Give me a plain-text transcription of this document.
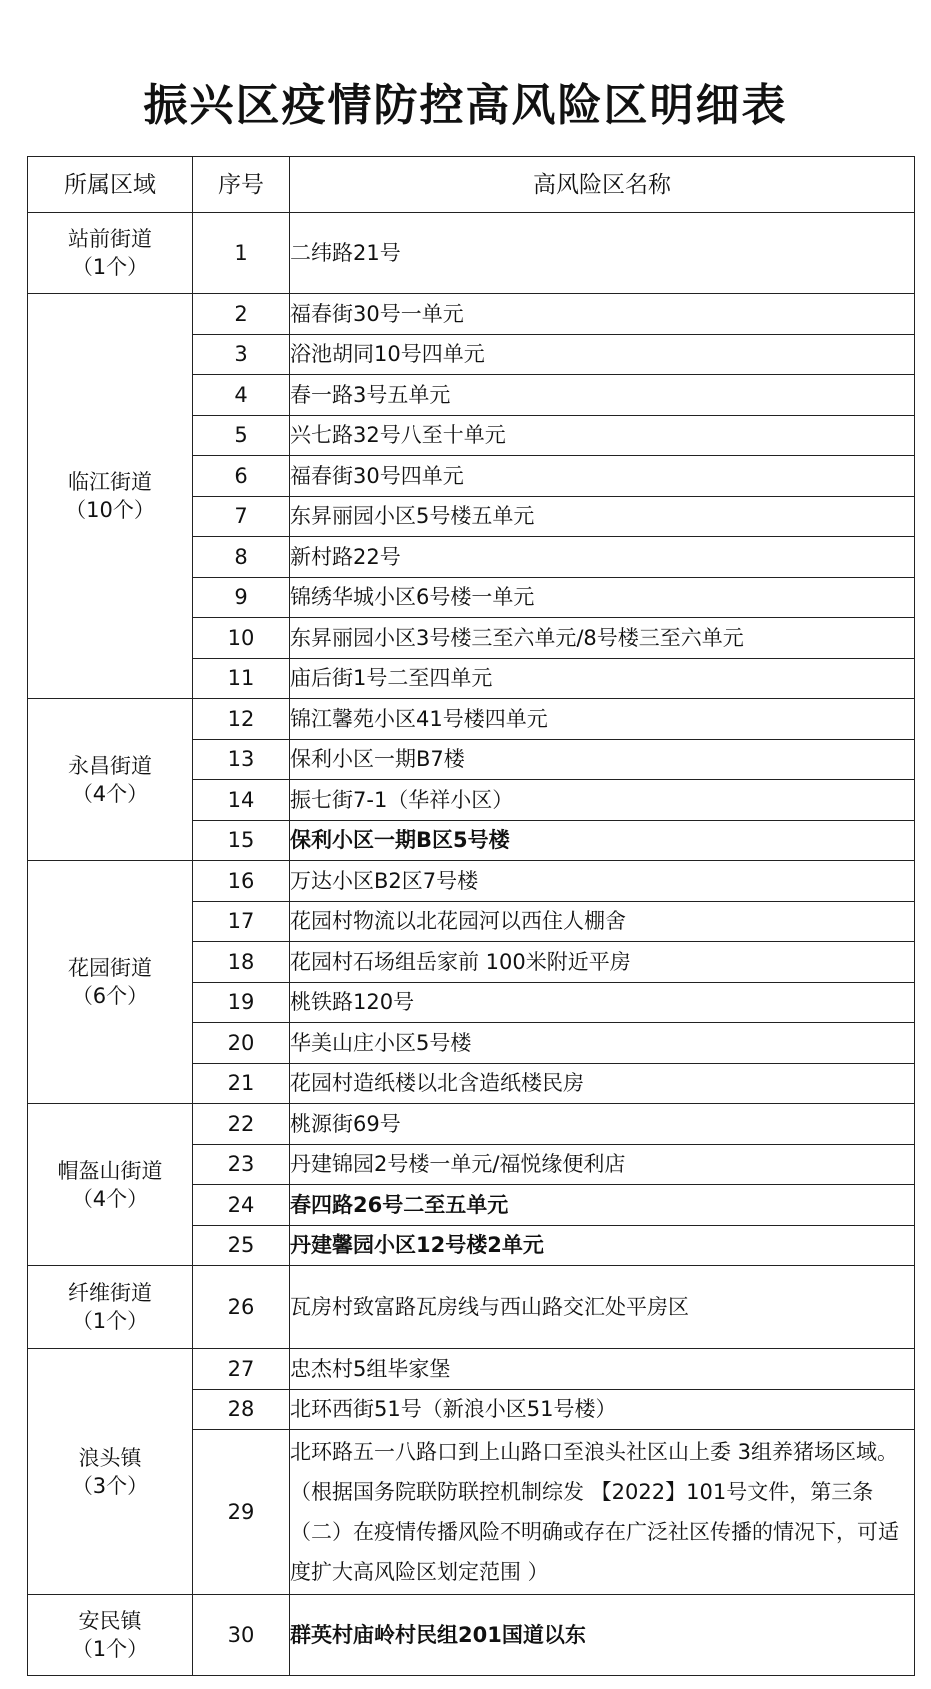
振兴区疫情防控高风险区明细表
所属区域	序号	高风险区名称

站前街道
（1个）	1	二纬路21号

临江街道
（10个）	2	福春街30号一单元
	3	浴池胡同10号四单元
	4	春一路3号五单元
	5	兴七路32号八至十单元
	6	福春街30号四单元
	7	东昇丽园小区5号楼五单元
	8	新村路22号
	9	锦绣华城小区6号楼一单元
	10	东昇丽园小区3号楼三至六单元/8号楼三至六单元
	11	庙后街1号二至四单元

永昌街道
（4个）	12	锦江馨苑小区41号楼四单元
	13	保利小区一期B7楼
	14	振七街7-1（华祥小区）
	15	保利小区一期B区5号楼

花园街道
（6个）	16	万达小区B2区7号楼
	17	花园村物流以北花园河以西住人棚舍
	18	花园村石场组岳家前 100米附近平房
	19	桃铁路120号
	20	华美山庄小区5号楼
	21	花园村造纸楼以北含造纸楼民房

帽盔山街道
（4个）	22	桃源街69号
	23	丹建锦园2号楼一单元/福悦缘便利店
	24	春四路26号二至五单元
	25	丹建馨园小区12号楼2单元

纤维街道
（1个）	26	瓦房村致富路瓦房线与西山路交汇处平房区

浪头镇
（3个）	27	忠杰村5组毕家堡
	28	北环西街51号（新浪小区51号楼）
	29	北环路五一八路口到上山路口至浪头社区山上委 3组养猪场区域。（根据国务院联防联控机制综发 【2022】101号文件，第三条（二）在疫情传播风险不明确或存在广泛社区传播的情况下，可适度扩大高风险区划定范围 ）

安民镇
（1个）	30	群英村庙岭村民组201国道以东
